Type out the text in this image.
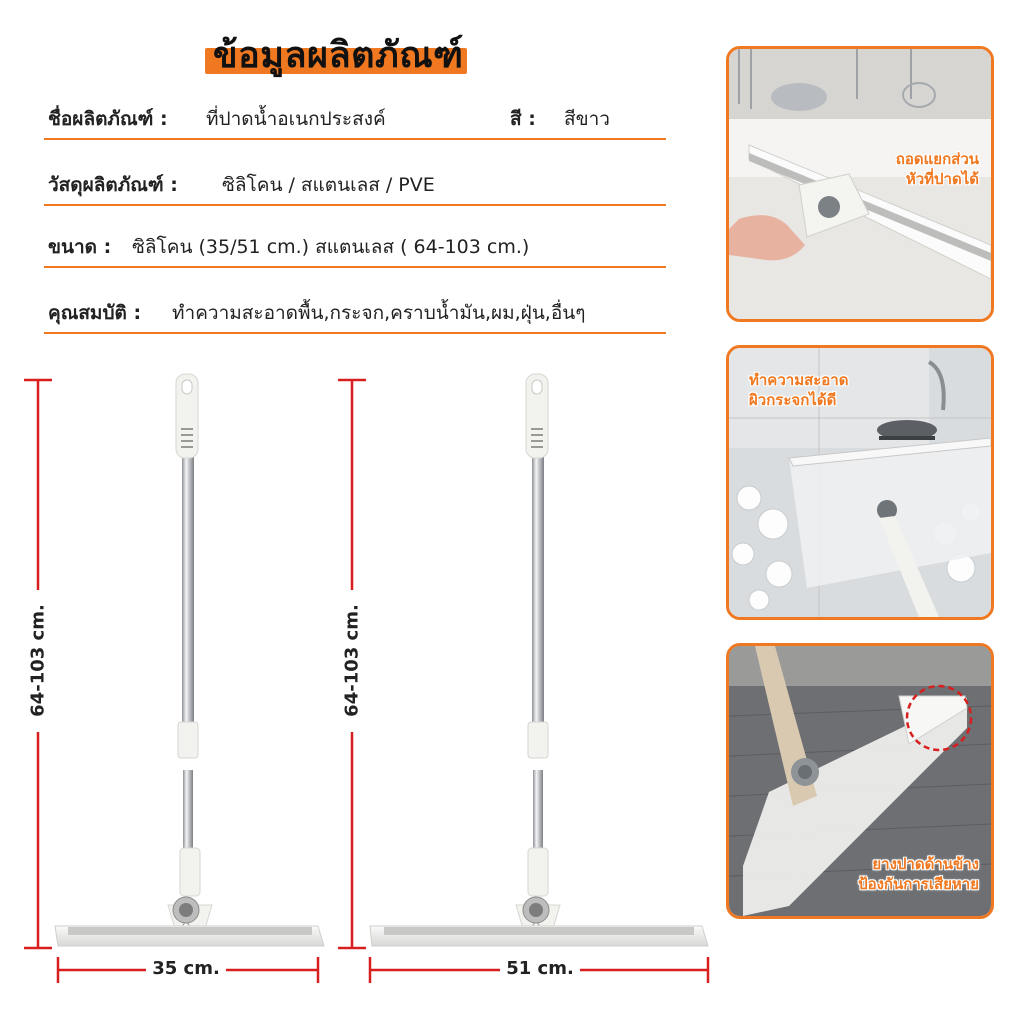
ข้อมูลผลิตภัณฑ์
ชื่อผลิตภัณฑ์ : ที่ปาดน้ำอเนกประสงค์	สี : สีขาว
วัสดุผลิตภัณฑ์ : ซิลิโคน / สแตนเลส / PVE
ขนาด : ซิลิโคน (35/51 cm.) สแตนเลส ( 64-103 cm.)
คุณสมบัติ : ทำความสะอาดพื้น,กระจก,คราบน้ำมัน,ผม,ฝุ่น,อื่นๆ
64-103 cm.	64-103 cm.
35 cm.	51 cm.
ถอดแยกส่วน
หัวที่ปาดได้
ทำความสะอาด
ผิวกระจกได้ดี
ยางปาดด้านข้าง
ป้องกันการเสียหาย
